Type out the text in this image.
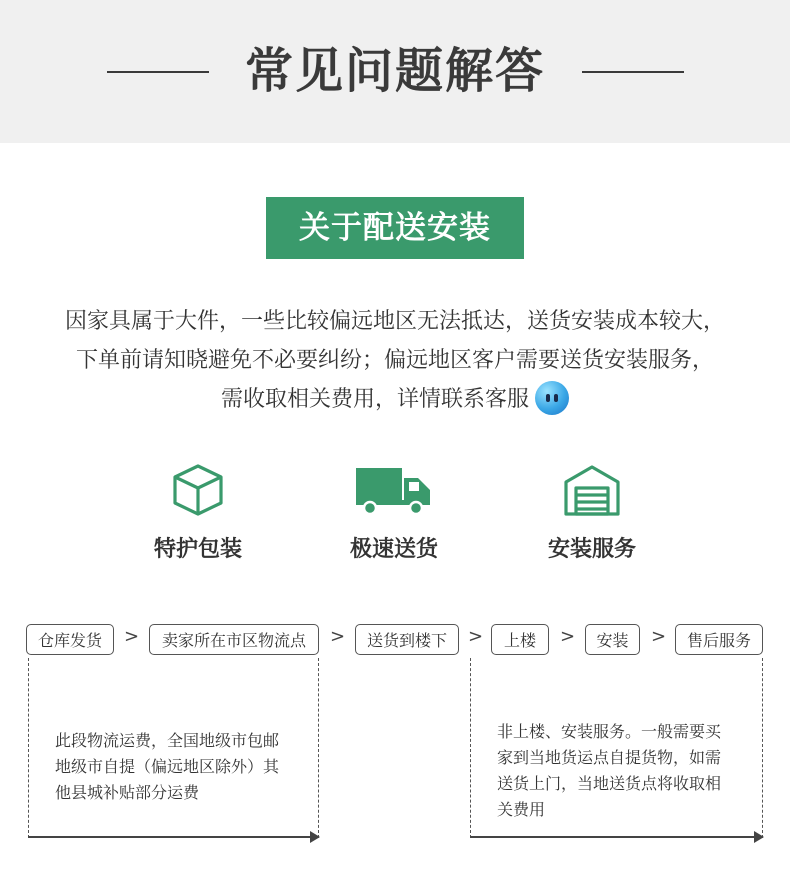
常见问题解答
关于配送安装
因家具属于大件，一些比较偏远地区无法抵达，送货安装成本较大，
下单前请知晓避免不必要纠纷；偏远地区客户需要送货安装服务，
需收取相关费用，详情联系客服
特护包装	极速送货	安装服务
仓库发货	>	卖家所在市区物流点	>	送货到楼下	>	上楼	>	安装	>	售后服务
此段物流运费，全国地级市包邮
地级市自提（偏远地区除外）其
他县城补贴部分运费
非上楼、安装服务。一般需要买
家到当地货运点自提货物，如需
送货上门，当地送货点将收取相
关费用
